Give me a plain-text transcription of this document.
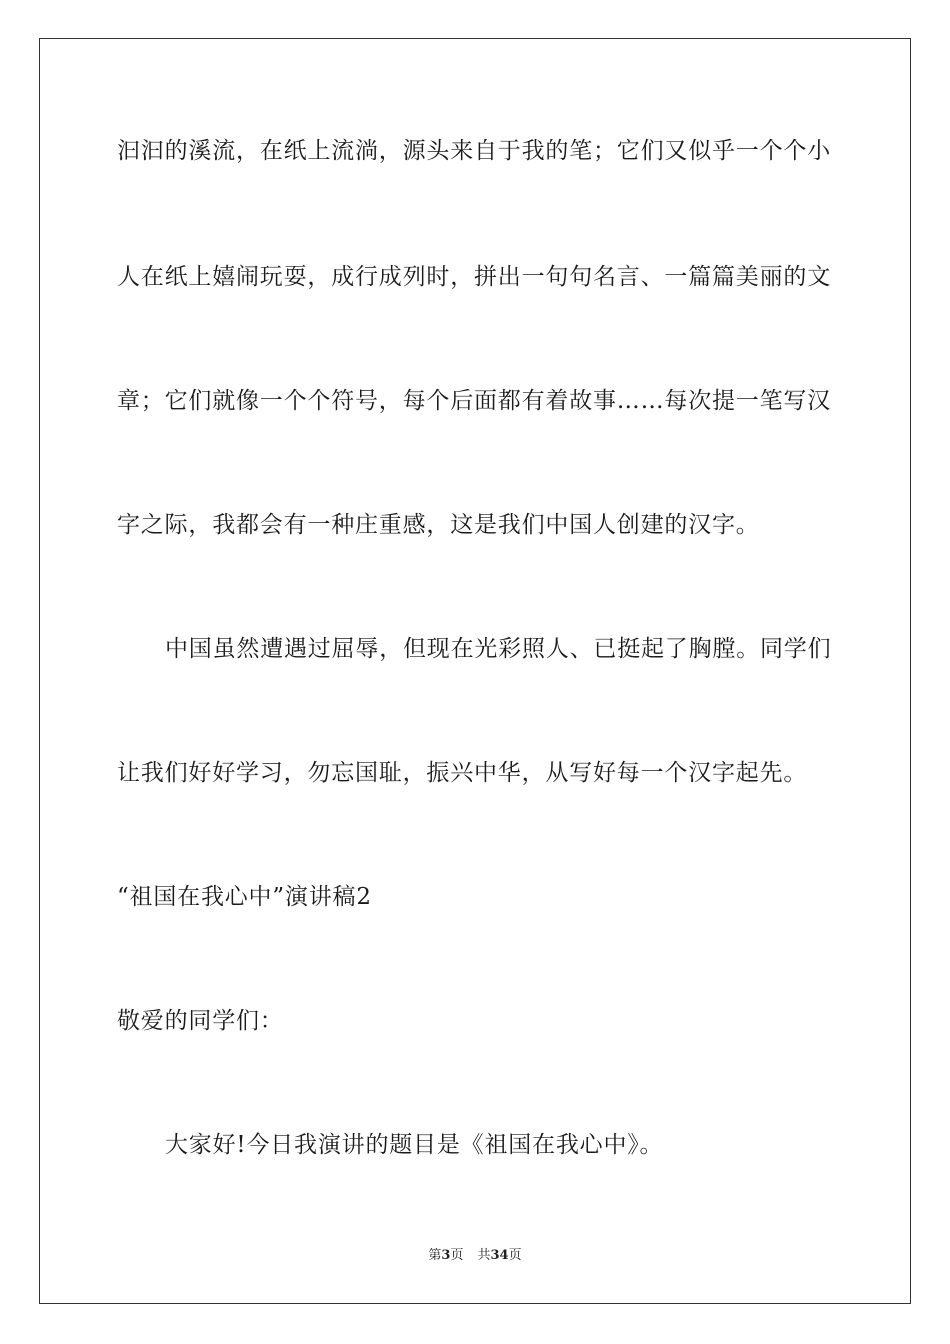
汩汩的溪流，在纸上流淌，源头来自于我的笔；它们又似乎一个个小
人在纸上嬉闹玩耍，成行成列时，拼出一句句名言、一篇篇美丽的文
章；它们就像一个个符号，每个后面都有着故事……每次提一笔写汉
字之际，我都会有一种庄重感，这是我们中国人创建的汉字。
中国虽然遭遇过屈辱，但现在光彩照人、已挺起了胸膛。同学们
让我们好好学习，勿忘国耻，振兴中华，从写好每一个汉字起先。
“祖国在我心中”演讲稿2
敬爱的同学们：
大家好!今日我演讲的题目是《祖国在我心中》。
第3页 共34页
